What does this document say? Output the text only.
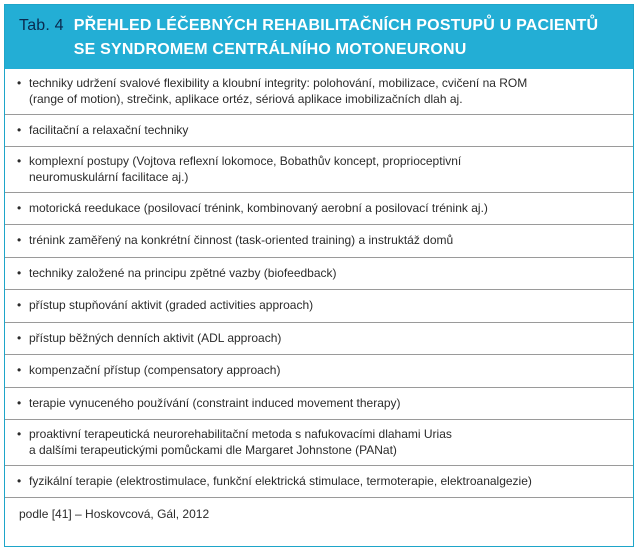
Tab. 4 PŘEHLED LÉČEBNÝCH REHABILITAČNÍCH POSTUPŮ U PACIENTŮ
SE SYNDROMEM CENTRÁLNÍHO MOTONEURONU
• techniky udržení svalové flexibility a kloubní integrity: polohování, mobilizace, cvičení na ROM
(range of motion), strečink, aplikace ortéz, sériová aplikace imobilizačních dlah aj.
• facilitační a relaxační techniky
• komplexní postupy (Vojtova reflexní lokomoce, Bobathův koncept, proprioceptivní
neuromuskulární facilitace aj.)
• motorická reedukace (posilovací trénink, kombinovaný aerobní a posilovací trénink aj.)
• trénink zaměřený na konkrétní činnost (task-oriented training) a instruktáž domů
• techniky založené na principu zpětné vazby (biofeedback)
• přístup stupňování aktivit (graded activities approach)
• přístup běžných denních aktivit (ADL approach)
• kompenzační přístup (compensatory approach)
• terapie vynuceného používání (constraint induced movement therapy)
• proaktivní terapeutická neurorehabilitační metoda s nafukovacími dlahami Urias
a dalšími terapeutickými pomůckami dle Margaret Johnstone (PANat)
• fyzikální terapie (elektrostimulace, funkční elektrická stimulace, termoterapie, elektroanalgezie)
podle [41] – Hoskovcová, Gál, 2012
